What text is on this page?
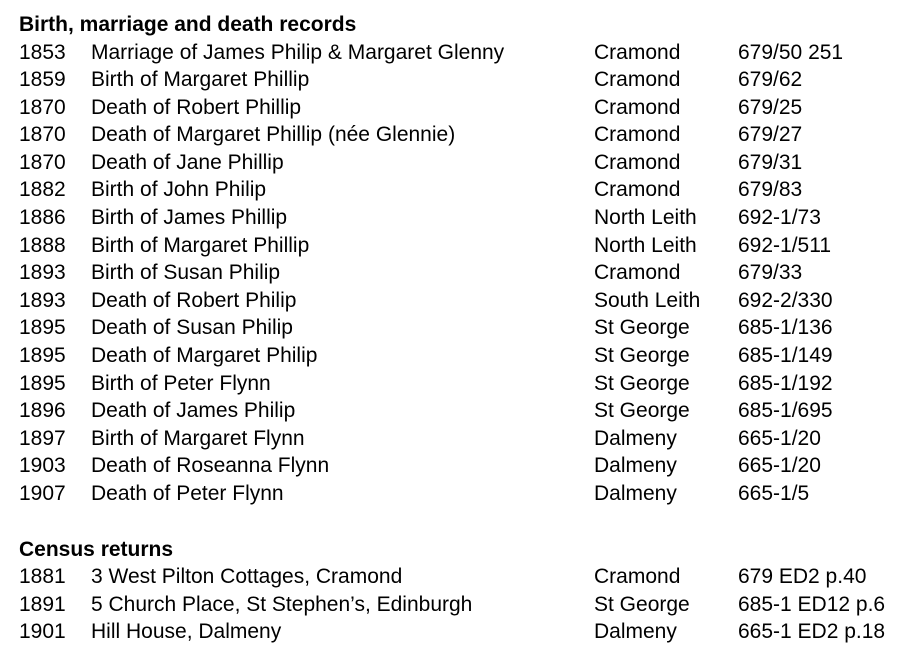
Birth, marriage and death records
1853 Marriage of James Philip & Margaret Glenny	Cramond	679/50 251
1859 Birth of Margaret Phillip	Cramond	679/62
1870 Death of Robert Phillip	Cramond	679/25
1870 Death of Margaret Phillip (née Glennie)	Cramond	679/27
1870 Death of Jane Phillip	Cramond	679/31
1882 Birth of John Philip	Cramond	679/83
1886 Birth of James Phillip	North Leith 692-1/73
1888 Birth of Margaret Phillip	North Leith 692-1/511
1893 Birth of Susan Philip	Cramond	679/33
1893 Death of Robert Philip	South Leith 692-2/330
1895 Death of Susan Philip	St George 685-1/136
1895 Death of Margaret Philip	St George 685-1/149
1895 Birth of Peter Flynn	St George 685-1/192
1896 Death of James Philip	St George 685-1/695
1897 Birth of Margaret Flynn	Dalmeny	665-1/20
1903 Death of Roseanna Flynn	Dalmeny	665-1/20
1907 Death of Peter Flynn	Dalmeny	665-1/5
Census returns
1881 3 West Pilton Cottages, Cramond	Cramond	679 ED2 p.40
1891 5 Church Place, St Stephen’s, Edinburgh	St George 685-1 ED12 p.6
1901 Hill House, Dalmeny	Dalmeny	665-1 ED2 p.18
